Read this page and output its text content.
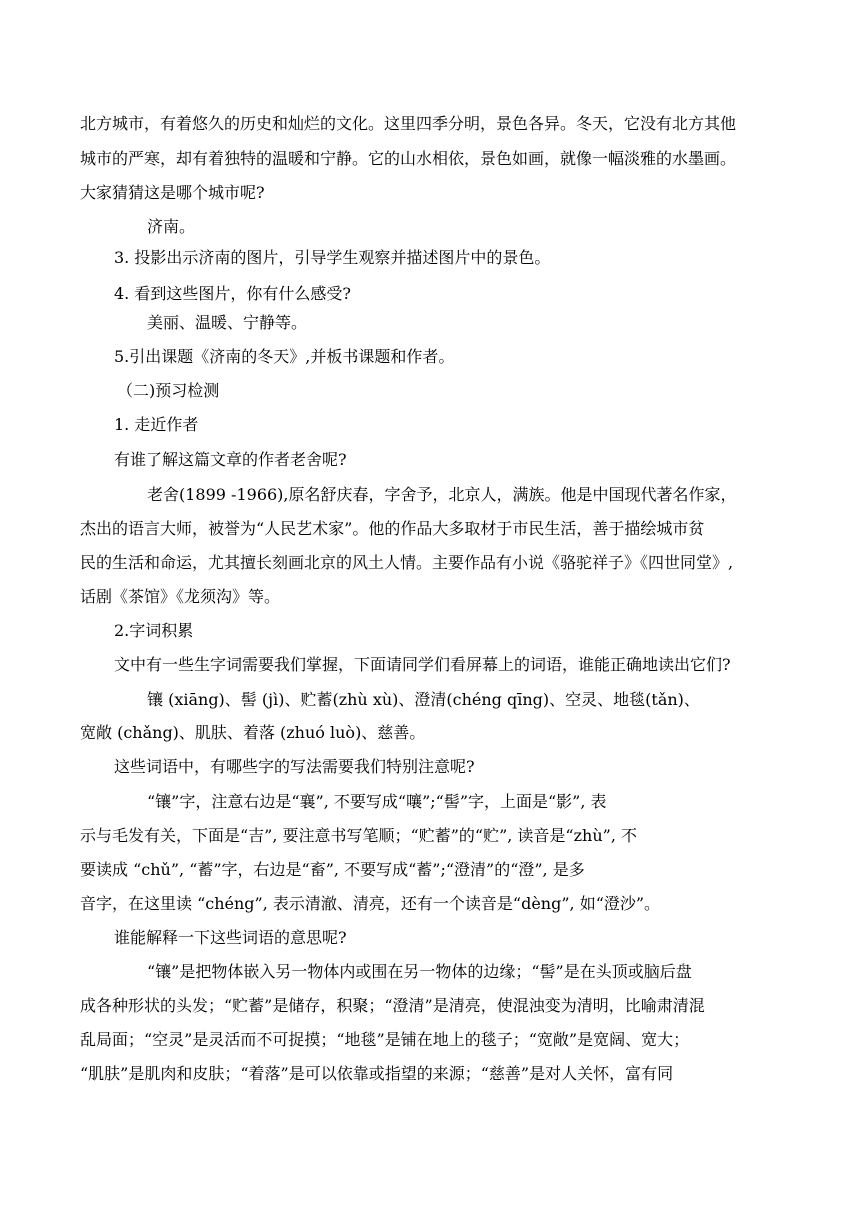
北方城市，有着悠久的历史和灿烂的文化。这里四季分明，景色各异。冬天，它没有北方其他
城市的严寒，却有着独特的温暖和宁静。它的山水相依，景色如画，就像一幅淡雅的水墨画。
大家猜猜这是哪个城市呢?
济南。
3. 投影出示济南的图片，引导学生观察并描述图片中的景色。
4. 看到这些图片，你有什么感受?
美丽、温暖、宁静等。
5.引出课题《济南的冬天》,并板书课题和作者。
（二)预习检测
1. 走近作者
有谁了解这篇文章的作者老舍呢?
老舍(1899 -1966),原名舒庆春，字舍予，北京人，满族。他是中国现代著名作家，
杰出的语言大师，被誉为“人民艺术家”。他的作品大多取材于市民生活，善于描绘城市贫
民的生活和命运，尤其擅长刻画北京的风土人情。主要作品有小说《骆驼祥子》《四世同堂》,
话剧《茶馆》《龙须沟》等。
2.字词积累
文中有一些生字词需要我们掌握，下面请同学们看屏幕上的词语，谁能正确地读出它们?
镶 (xiāng)、髻 (jì)、贮蓄(zhù xù)、澄清(chéng qīng)、空灵、地毯(tǎn)、
宽敞 (chǎng)、肌肤、着落 (zhuó luò)、慈善。
这些词语中，有哪些字的写法需要我们特别注意呢?
“镶”字，注意右边是“襄”, 不要写成“嚷”;“髻”字，上面是“影”, 表
示与毛发有关，下面是“吉”, 要注意书写笔顺；“贮蓄”的“贮”, 读音是“zhù”, 不
要读成 “chǔ”, “蓄”字，右边是“畜”, 不要写成“蓄”;“澄清”的“澄”, 是多
音字，在这里读 “chéng”, 表示清澈、清亮，还有一个读音是“dèng”, 如“澄沙”。
谁能解释一下这些词语的意思呢?
“镶”是把物体嵌入另一物体内或围在另一物体的边缘；“髻”是在头顶或脑后盘
成各种形状的头发；“贮蓄”是储存，积聚；“澄清”是清亮，使混浊变为清明，比喻肃清混
乱局面；“空灵”是灵活而不可捉摸；“地毯”是铺在地上的毯子；“宽敞”是宽阔、宽大；
“肌肤”是肌肉和皮肤；“着落”是可以依靠或指望的来源；“慈善”是对人关怀，富有同
